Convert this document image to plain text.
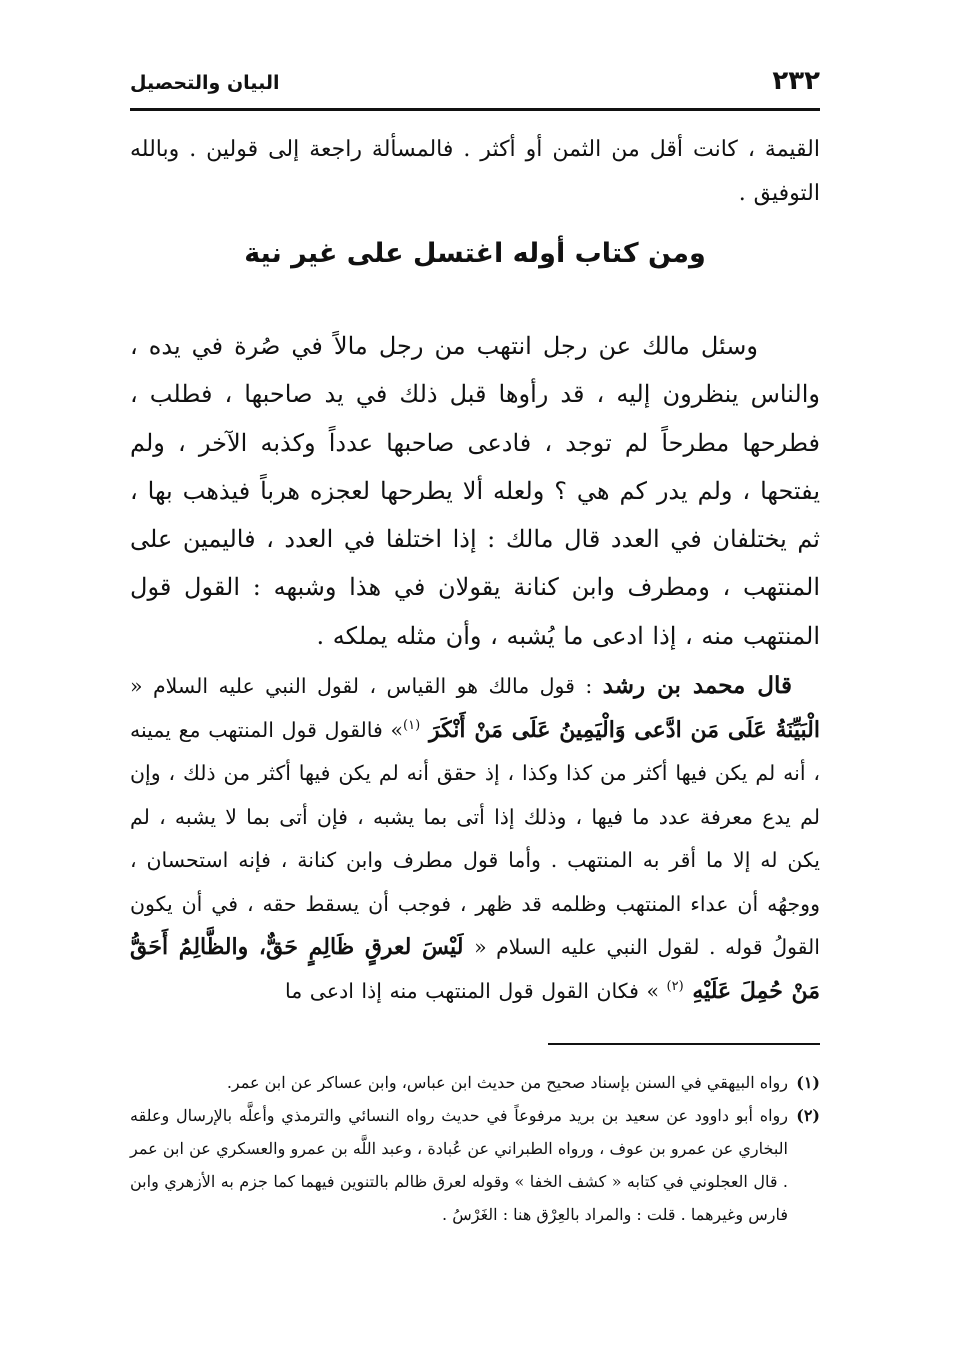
٢٣٢
البيان والتحصيل

القيمة ، كانت أقل من الثمن أو أكثر . فالمسألة راجعة إلى قولين . وبالله التوفيق .

ومن كتاب أوله اغتسل على غير نية

وسئل مالك عن رجل انتهب من رجل مالاً في صُرة في يده ، والناس ينظرون إليه ، قد رأوها قبل ذلك في يد صاحبها ، فطلب ، فطرحها مطرحاً لم توجد ، فادعى صاحبها عدداً وكذبه الآخر ، ولم يفتحها ، ولم يدر كم هي ؟ ولعله ألا يطرحها لعجزه هرباً فيذهب بها ، ثم يختلفان في العدد قال مالك : إذا اختلفا في العدد ، فاليمين على المنتهب ، ومطرف وابن كنانة يقولان في هذا وشبهه : القول قول المنتهب منه ، إذا ادعى ما يُشبه ، وأن مثله يملكه .

قال محمد بن رشد : قول مالك هو القياس ، لقول النبي عليه السلام « الْبَيِّنَةُ عَلَى مَن ادَّعى وَالْيَمِينُ عَلَى مَنْ أَنْكَرَ $^{(١)}$» فالقول قول المنتهب مع يمينه ، أنه لم يكن فيها أكثر من كذا وكذا ، إذ حقق أنه لم يكن فيها أكثر من ذلك ، وإن لم يدع معرفة عدد ما فيها ، وذلك إذا أتى بما يشبه ، فإن أتى بما لا يشبه ، لم يكن له إلا ما أقر به المنتهب . وأما قول مطرف وابن كنانة ، فإنه استحسان ، ووجهُه أن عداء المنتهب وظلمه قد ظهر ، فوجب أن يسقط حقه ، في أن يكون القولُ قوله . لقول النبي عليه السلام « لَيْسَ لعرقٍ ظَالِمٍ حَقٌّ، والظَّالِمُ أَحَقُّ مَنْ حُمِلَ عَلَيْهِ $^{(٢)}$ » فكان القول قول المنتهب منه إذا ادعى ما

(١)
رواه البيهقي في السنن بإسناد صحيح من حديث ابن عباس، وابن عساكر عن ابن عمر.
(٢)
رواه أبو داوود عن سعيد بن بريد مرفوعاً في حديث رواه النسائي والترمذي وأعلَّه بالإرسال وعلقه البخاري عن عمرو بن عوف ، ورواه الطبراني عن عُبادة ، وعبد اللَّه بن عمرو والعسكري عن ابن عمر . قال العجلوني في كتابه « كشف الخفا » وقوله لعرق ظالم بالتنوين فيهما كما جزم به الأزهري وابن فارس وغيرهما . قلت : والمراد بالعِرْق هنا : الغَرْسُ .
